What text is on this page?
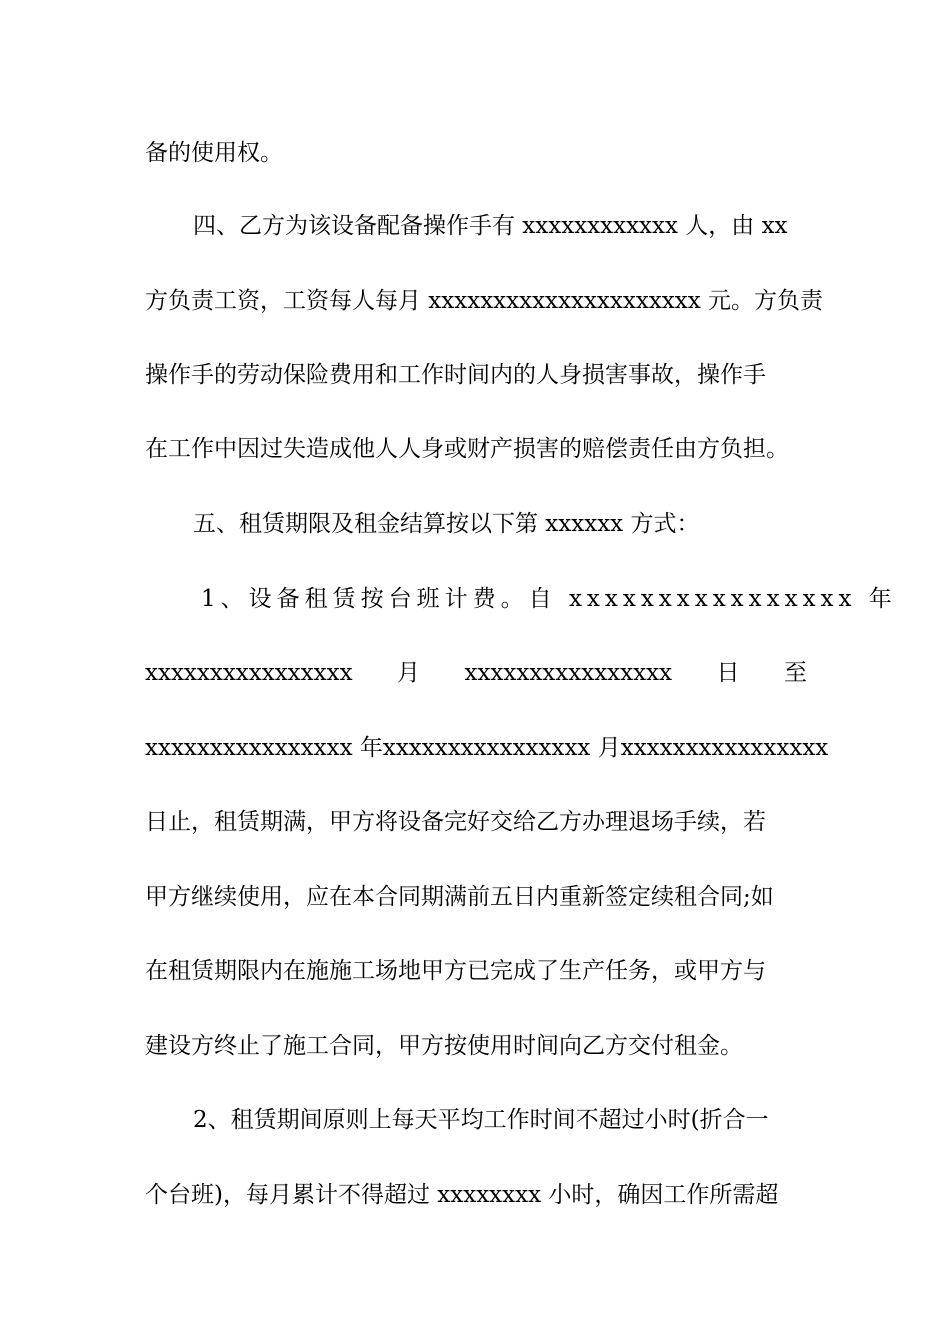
备的使用权。
四、乙方为该设备配备操作手有 xxxxxxxxxxxx 人，由 xx
方负责工资，工资每人每月 xxxxxxxxxxxxxxxxxxxxx 元。方负责
操作手的劳动保险费用和工作时间内的人身损害事故，操作手
在工作中因过失造成他人人身或财产损害的赔偿责任由方负担。
五、租赁期限及租金结算按以下第 xxxxxx 方式：
1、设备租赁按台班计费。自 xxxxxxxxxxxxxxxx 年
xxxxxxxxxxxxxxxx 月 xxxxxxxxxxxxxxxx 日 至
xxxxxxxxxxxxxxxx 年 xxxxxxxxxxxxxxxx 月 xxxxxxxxxxxxxxxx
日止，租赁期满，甲方将设备完好交给乙方办理退场手续，若
甲方继续使用，应在本合同期满前五日内重新签定续租合同;如
在租赁期限内在施施工场地甲方已完成了生产任务，或甲方与
建设方终止了施工合同，甲方按使用时间向乙方交付租金。
2、租赁期间原则上每天平均工作时间不超过小时(折合一
个台班)，每月累计不得超过 xxxxxxxx 小时，确因工作所需超
